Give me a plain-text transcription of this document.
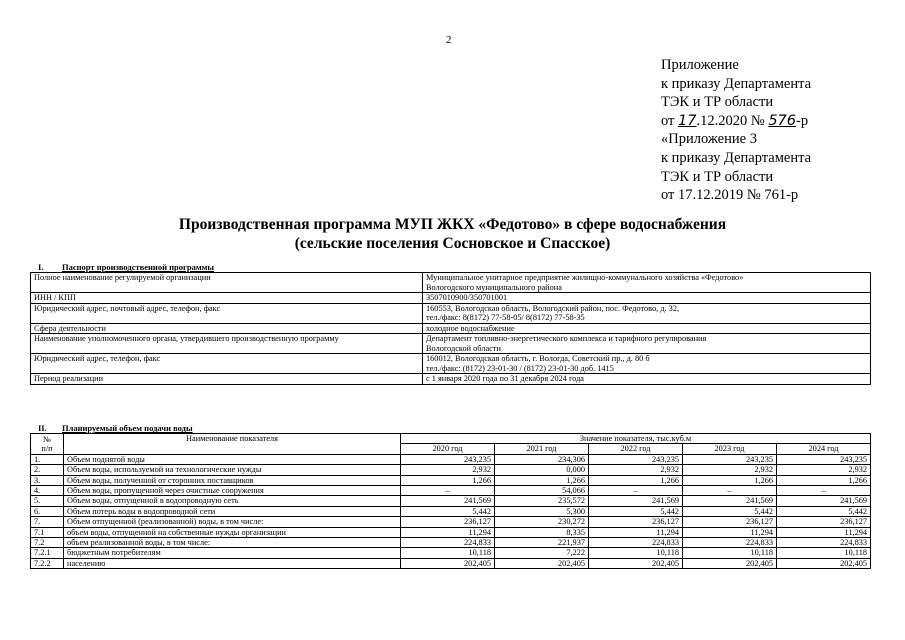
2
Приложение
к приказу Департамента
ТЭК и ТР области
от 17.12.2020 № 576-р
«Приложение 3
к приказу Департамента
ТЭК и ТР области
от 17.12.2019 № 761-р
Производственная программа МУП ЖКХ «Федотово» в сфере водоснабжения
(сельские поселения Сосновское и Спасское)
I. Паспорт производственной программы
Полное наименование регулируемой организации	Муниципальное унитарное предприятие жилищно-коммунального хозяйства «Федотово»
Вологодского муниципального района

ИНН / КПП	3507010900/350701001

Юридический адрес, почтовый адрес, телефон, факс	160553, Вологодская область, Вологодский район, пос. Федотово, д. 32,
тел./факс: 8(8172) 77-58-05/ 8(8172) 77-58-35

Сфера деятельности	холодное водоснабжение

Наименование уполномоченного органа, утвердившего производственную программу	Департамент топливно-энергетического комплекса и тарифного регулирования
Вологодской области

Юридический адрес, телефон, факс	160012, Вологодская область, г. Вологда, Советский пр., д. 80 б
тел./факс: (8172) 23-01-30 / (8172) 23-01-30 доб. 1415

Период реализации	с 1 января 2020 года по 31 декабря 2024 года
II. Планируемый объем подачи воды
№
п/п	Наименование показателя	Значение показателя, тыс.куб.м				
		2020 год	2021 год	2022 год	2023 год	2024 год
1.	Объем поднятой воды	243,235	234,306	243,235	243,235	243,235
2.	Объем воды, используемой на технологические нужды	2,932	0,000	2,932	2,932	2,932
3.	Объем воды, полученной от сторонних поставщиков	1,266	1,266	1,266	1,266	1,266
4.	Объем воды, пропущенной через очистные сооружения	–	54,066	–	–	–
5.	Объем воды, отпущенной в водопроводную сеть	241,569	235,572	241,569	241,569	241,569
6.	Объем потерь воды в водопроводной сети	5,442	5,300	5,442	5,442	5,442
7.	Объем отпущенной (реализованной) воды, в том числе:	236,127	230,272	236,127	236,127	236,127
7.1	объем воды, отпущенной на собственные нужды организации	11,294	8,335	11,294	11,294	11,294
7.2	объем реализованной воды, в том числе:	224,833	221,937	224,833	224,833	224,833
7.2.1	бюджетным потребителям	10,118	7,222	10,118	10,118	10,118
7.2.2	населению	202,405	202,405	202,405	202,405	202,405
